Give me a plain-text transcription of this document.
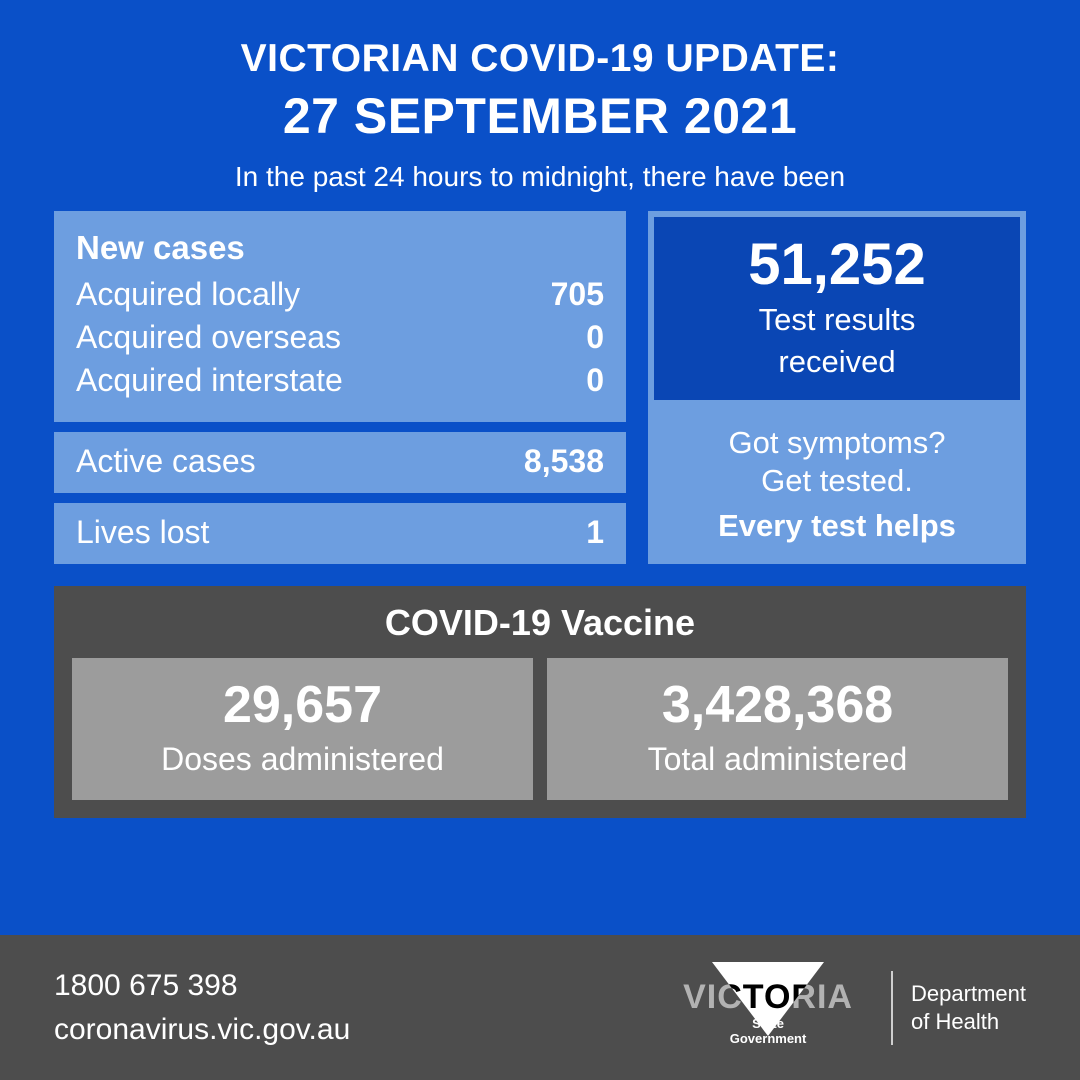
VICTORIAN COVID-19 UPDATE:
27 SEPTEMBER 2021
In the past 24 hours to midnight, there have been
New cases
Acquired locally	705
Acquired overseas	0
Acquired interstate	0
Active cases	8,538
Lives lost	1
51,252
Test results
received
Got symptoms?
Get tested.
Every test helps
COVID-19 Vaccine
29,657
Doses administered
3,428,368
Total administered
1800 675 398
coronavirus.vic.gov.au
VICTORIA
State
Government
Department
of Health
